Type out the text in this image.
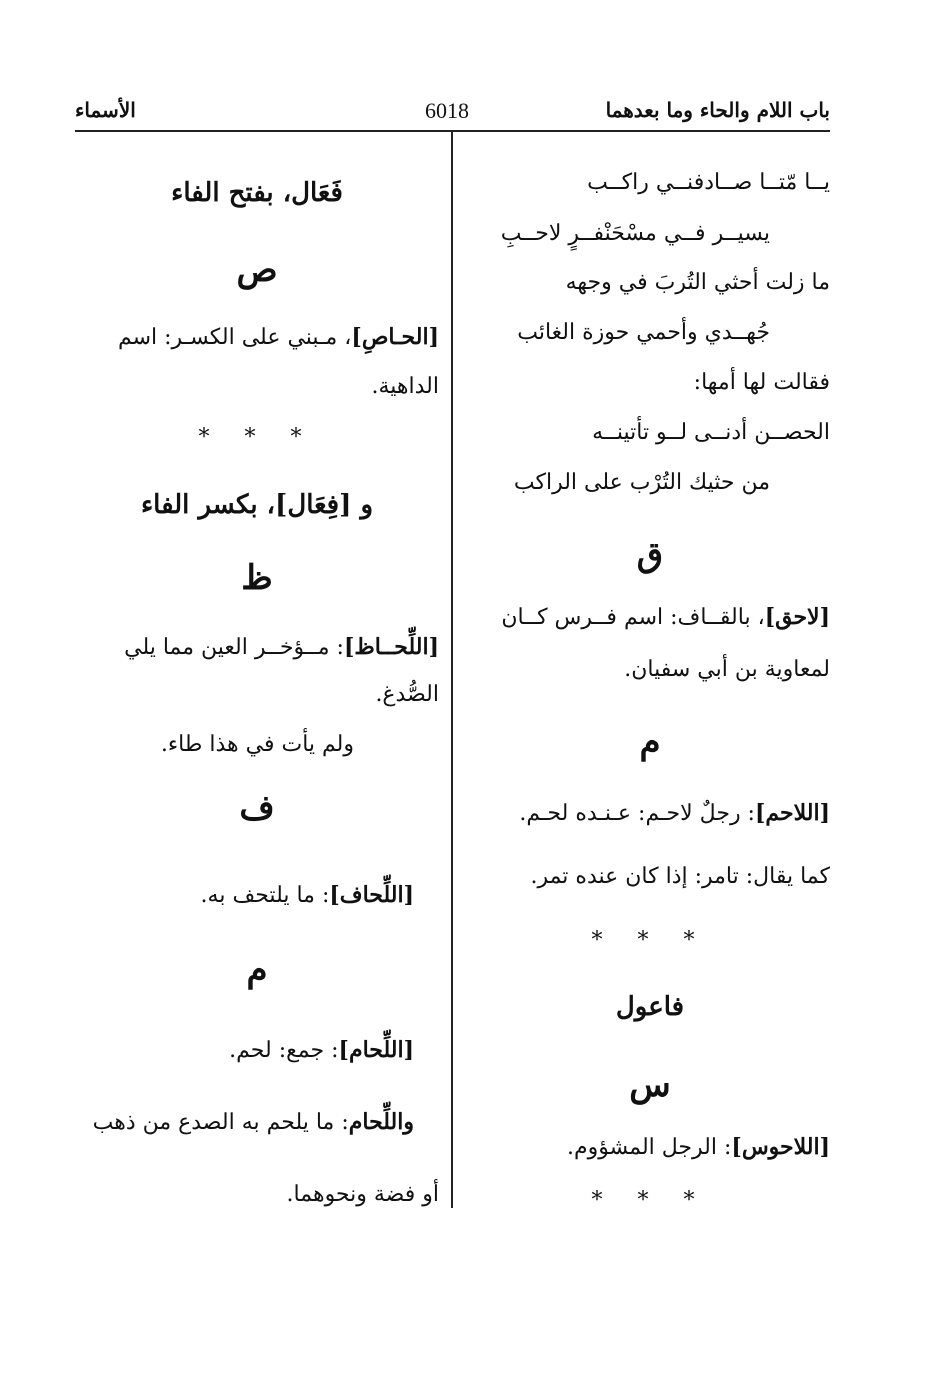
باب اللام والحاء وما بعدهما
6018
الأسماء
يــا مّتــا صــادفنــي راكــب
يسيــر فــي مسْحَنْفــرٍ لاحــبِ
ما زلت أحثي التُربَ في وجهه
جُهــدي وأحمي حوزة الغائب
فقالت لها أمها:
الحصــن أدنــى لــو تأتينــه
من حثيك التُرْب على الراكب
ق
[لاحق]، بالقــاف: اسم فــرس كــان
لمعاوية بن أبي سفيان.
م
[اللاحم]: رجلٌ لاحـم: عـنـده لحـم.
كما يقال: تامر: إذا كان عنده تمر.
* * *
فاعول
س
[اللاحوس]: الرجل المشؤوم.
* * *
فَعَال، بفتح الفاء
ص
[الحـاصِ]، مـبني على الكسـر: اسم
الداهية.
* * *
و [فِعَال]، بكسر الفاء
ظ
[اللِّحــاظ]: مــؤخــر العين مما يلي
الصُّدغ.
ولم يأت في هذا طاء.
ف
[اللِّحاف]: ما يلتحف به.
م
[اللِّحام]: جمع: لحم.
واللِّحام: ما يلحم به الصدع من ذهب
أو فضة ونحوهما.
